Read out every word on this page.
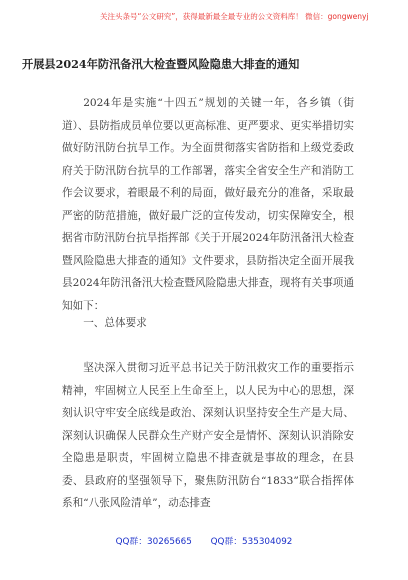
关注头条号“公文研究”，获得最新最全最专业的公文资料库！ 微信：gongwenyj
开展县2024年防汛备汛大检查暨风险隐患大排查的通知

2024年是实施“十四五”规划的关键一年，各乡镇（街道）、县防指成员单位要以更高标准、更严要求、更实举措切实做好防汛防台抗旱工作。为全面贯彻落实省防指和上级党委政府关于防汛防台抗旱的工作部署，落实全省安全生产和消防工作会议要求，着眼最不利的局面，做好最充分的准备，采取最严密的防范措施，做好最广泛的宣传发动，切实保障安全，根据省市防汛防台抗旱指挥部《关于开展2024年防汛备汛大检查暨风险隐患大排查的通知》文件要求，县防指决定全面开展我县2024年防汛备汛大检查暨风险隐患大排查，现将有关事项通知如下：

一、总体要求

坚决深入贯彻习近平总书记关于防汛救灾工作的重要指示精神，牢固树立人民至上生命至上，以人民为中心的思想，深刻认识守牢安全底线是政治、深刻认识坚持安全生产是大局、深刻认识确保人民群众生产财产安全是情怀、深刻认识消除安全隐患是职责，牢固树立隐患不排查就是事故的理念，在县委、县政府的坚强领导下，聚焦防汛防台“1833”联合指挥体系和“八张风险清单”，动态排查

QQ群：30265665 QQ群：535304092
